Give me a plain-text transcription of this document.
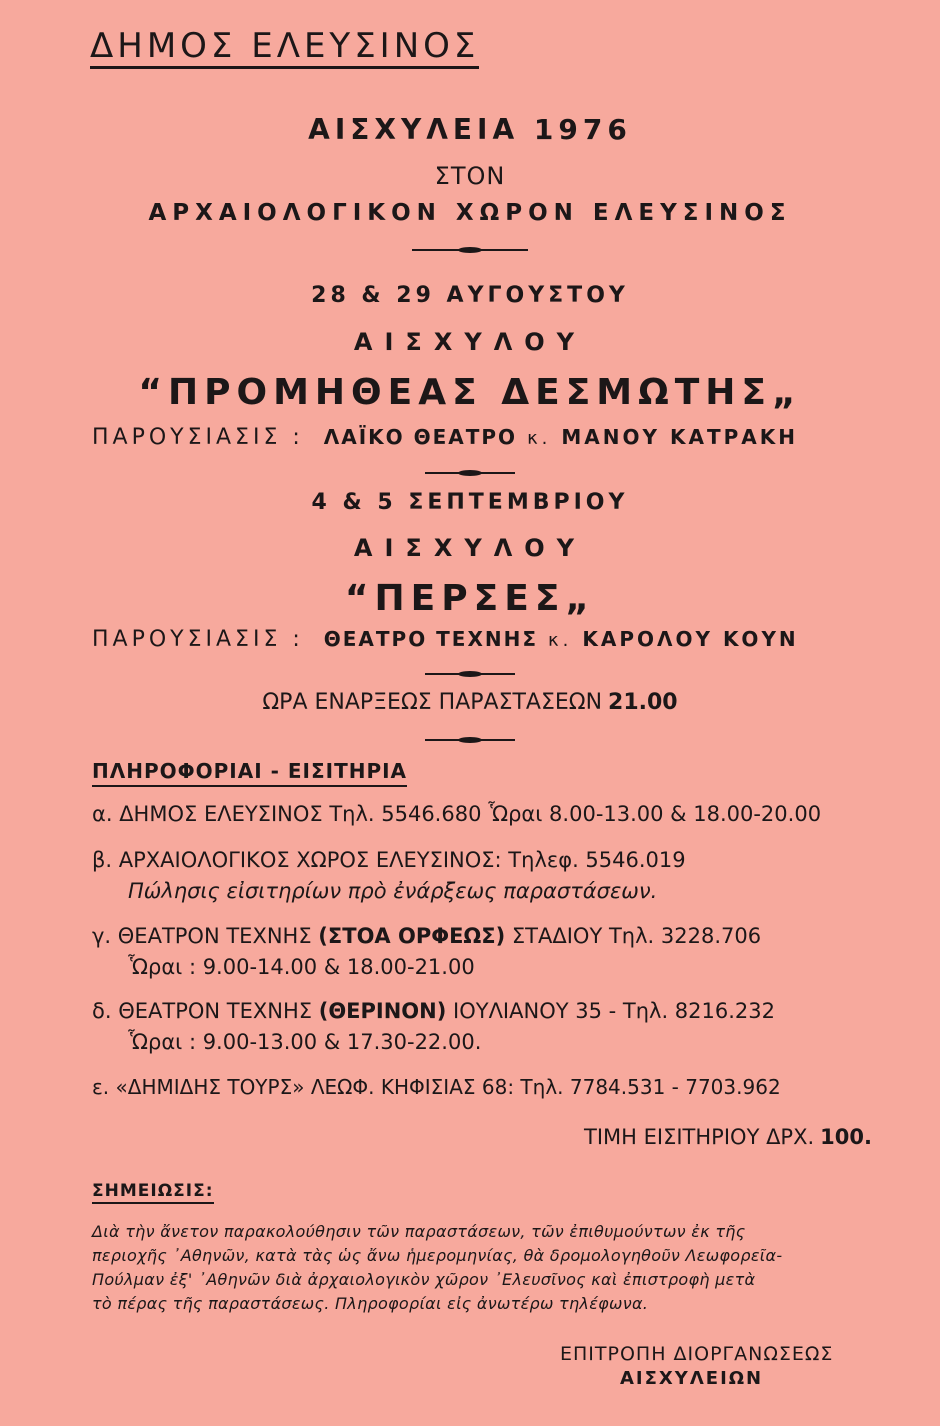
ΔΗΜΟΣ ΕΛΕΥΣΙΝΟΣ
ΑΙΣΧΥΛΕΙΑ 1976
ΣΤΟΝ
ΑΡΧΑΙΟΛΟΓΙΚΟΝ ΧΩΡΟΝ ΕΛΕΥΣΙΝΟΣ
28 & 29 ΑΥΓΟΥΣΤΟΥ
ΑΙΣΧΥΛΟΥ
“ΠΡΟΜΗΘΕΑΣ ΔΕΣΜΩΤΗΣ„
ΠΑΡΟΥΣΙΑΣΙΣ : ΛΑΪΚΟ ΘΕΑΤΡΟ κ. ΜΑΝΟΥ ΚΑΤΡΑΚΗ
4 & 5 ΣΕΠΤΕΜΒΡΙΟΥ
ΑΙΣΧΥΛΟΥ
“ΠΕΡΣΕΣ„
ΠΑΡΟΥΣΙΑΣΙΣ : ΘΕΑΤΡΟ ΤΕΧΝΗΣ κ. ΚΑΡΟΛΟΥ ΚΟΥΝ
ΩΡΑ ΕΝΑΡΞΕΩΣ ΠΑΡΑΣΤΑΣΕΩΝ 21.00
ΠΛΗΡΟΦΟΡΙΑΙ - ΕΙΣΙΤΗΡΙΑ
α. ΔΗΜΟΣ ΕΛΕΥΣΙΝΟΣ Τηλ. 5546.680 Ὧραι 8.00-13.00 & 18.00-20.00
β. ΑΡΧΑΙΟΛΟΓΙΚΟΣ ΧΩΡΟΣ ΕΛΕΥΣΙΝΟΣ: Τηλεφ. 5546.019
Πώλησις εἰσιτηρίων πρὸ ἐνάρξεως παραστάσεων.
γ. ΘΕΑΤΡΟΝ ΤΕΧΝΗΣ (ΣΤΟΑ ΟΡΦΕΩΣ) ΣΤΑΔΙΟΥ Τηλ. 3228.706
Ὧραι : 9.00-14.00 & 18.00-21.00
δ. ΘΕΑΤΡΟΝ ΤΕΧΝΗΣ (ΘΕΡΙΝΟΝ) ΙΟΥΛΙΑΝΟΥ 35 - Τηλ. 8216.232
Ὧραι : 9.00-13.00 & 17.30-22.00.
ε. «ΔΗΜΙΔΗΣ ΤΟΥΡΣ» ΛΕΩΦ. ΚΗΦΙΣΙΑΣ 68: Τηλ. 7784.531 - 7703.962
ΤΙΜΗ ΕΙΣΙΤΗΡΙΟΥ ΔΡΧ. 100.
ΣΗΜΕΙΩΣΙΣ:
Διὰ τὴν ἄνετον παρακολούθησιν τῶν παραστάσεων, τῶν ἐπιθυμούντων ἐκ τῆς
περιοχῆς ᾿Αθηνῶν, κατὰ τὰς ὡς ἄνω ἡμερομηνίας, θὰ δρομολογηθοῦν Λεωφορεῖα-
Πούλμαν ἐξ' ᾿Αθηνῶν διὰ ἀρχαιολογικὸν χῶρον ᾿Ελευσῖνος καὶ ἐπιστροφὴ μετὰ
τὸ πέρας τῆς παραστάσεως. Πληροφορίαι εἰς ἀνωτέρω τηλέφωνα.
ΕΠΙΤΡΟΠΗ ΔΙΟΡΓΑΝΩΣΕΩΣ
ΑΙΣΧΥΛΕΙΩΝ
